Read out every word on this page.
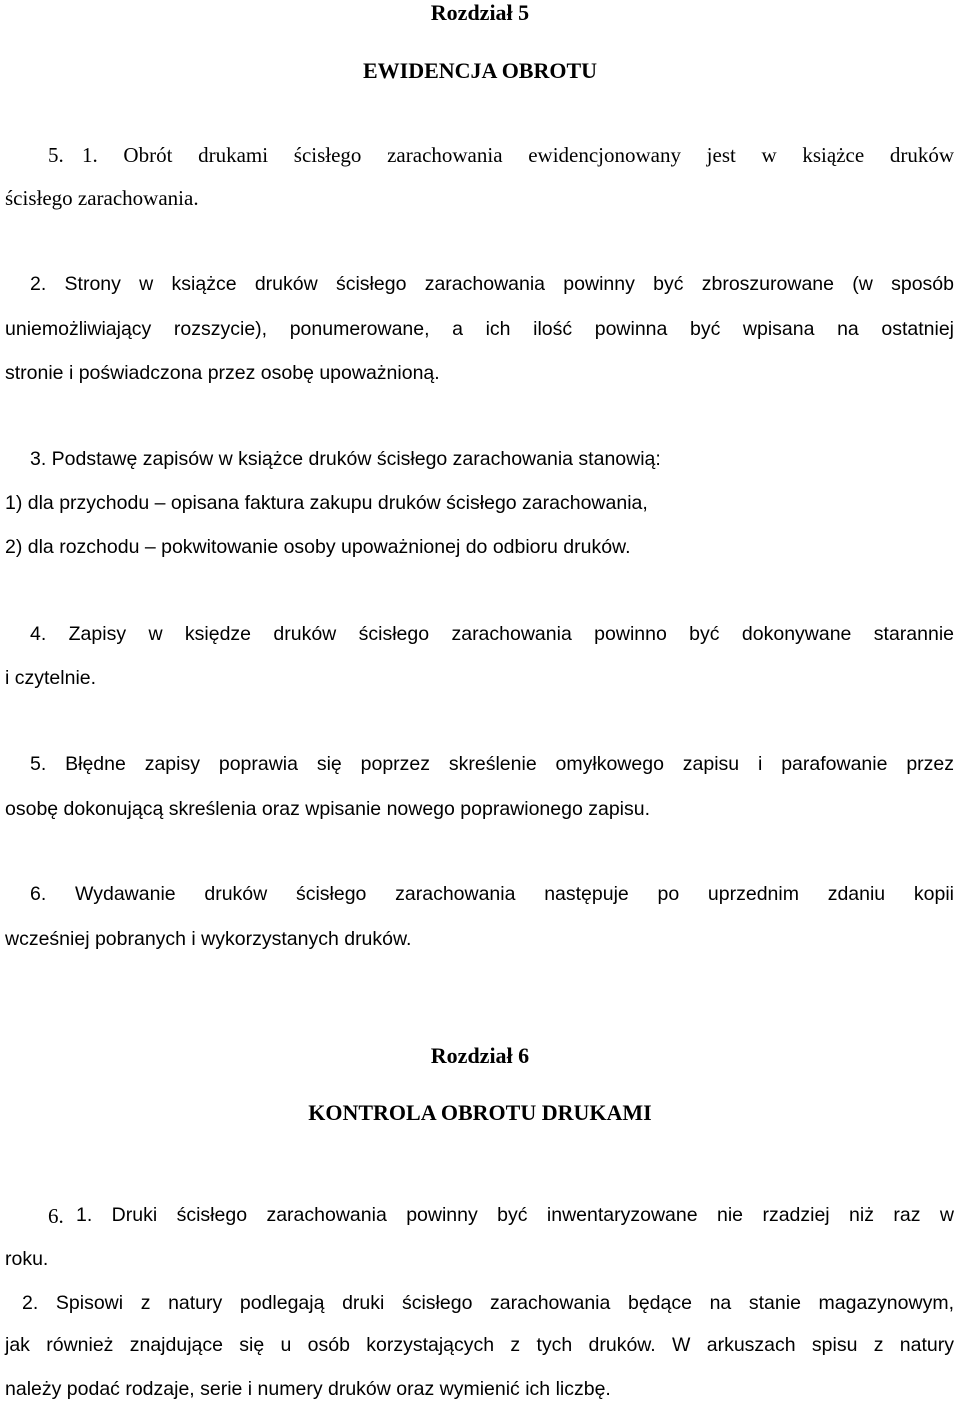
Rozdział 5
EWIDENCJA OBROTU
5. 1. Obrót drukami ścisłego zarachowania ewidencjonowany jest w książce druków
ścisłego zarachowania.
2. Strony w książce druków ścisłego zarachowania powinny być zbroszurowane (w sposób
uniemożliwiający rozszycie), ponumerowane, a ich ilość powinna być wpisana na ostatniej
stronie i poświadczona przez osobę upoważnioną.
3. Podstawę zapisów w książce druków ścisłego zarachowania stanowią:
1) dla przychodu – opisana faktura zakupu druków ścisłego zarachowania,
2) dla rozchodu – pokwitowanie osoby upoważnionej do odbioru druków.
4. Zapisy w księdze druków ścisłego zarachowania powinno być dokonywane starannie
i czytelnie.
5. Błędne zapisy poprawia się poprzez skreślenie omyłkowego zapisu i parafowanie przez
osobę dokonującą skreślenia oraz wpisanie nowego poprawionego zapisu.
6. Wydawanie druków ścisłego zarachowania następuje po uprzednim zdaniu kopii
wcześniej pobranych i wykorzystanych druków.
Rozdział 6
KONTROLA OBROTU DRUKAMI
6. 1. Druki ścisłego zarachowania powinny być inwentaryzowane nie rzadziej niż raz w
roku.
2. Spisowi z natury podlegają druki ścisłego zarachowania będące na stanie magazynowym,
jak również znajdujące się u osób korzystających z tych druków. W arkuszach spisu z natury
należy podać rodzaje, serie i numery druków oraz wymienić ich liczbę.
